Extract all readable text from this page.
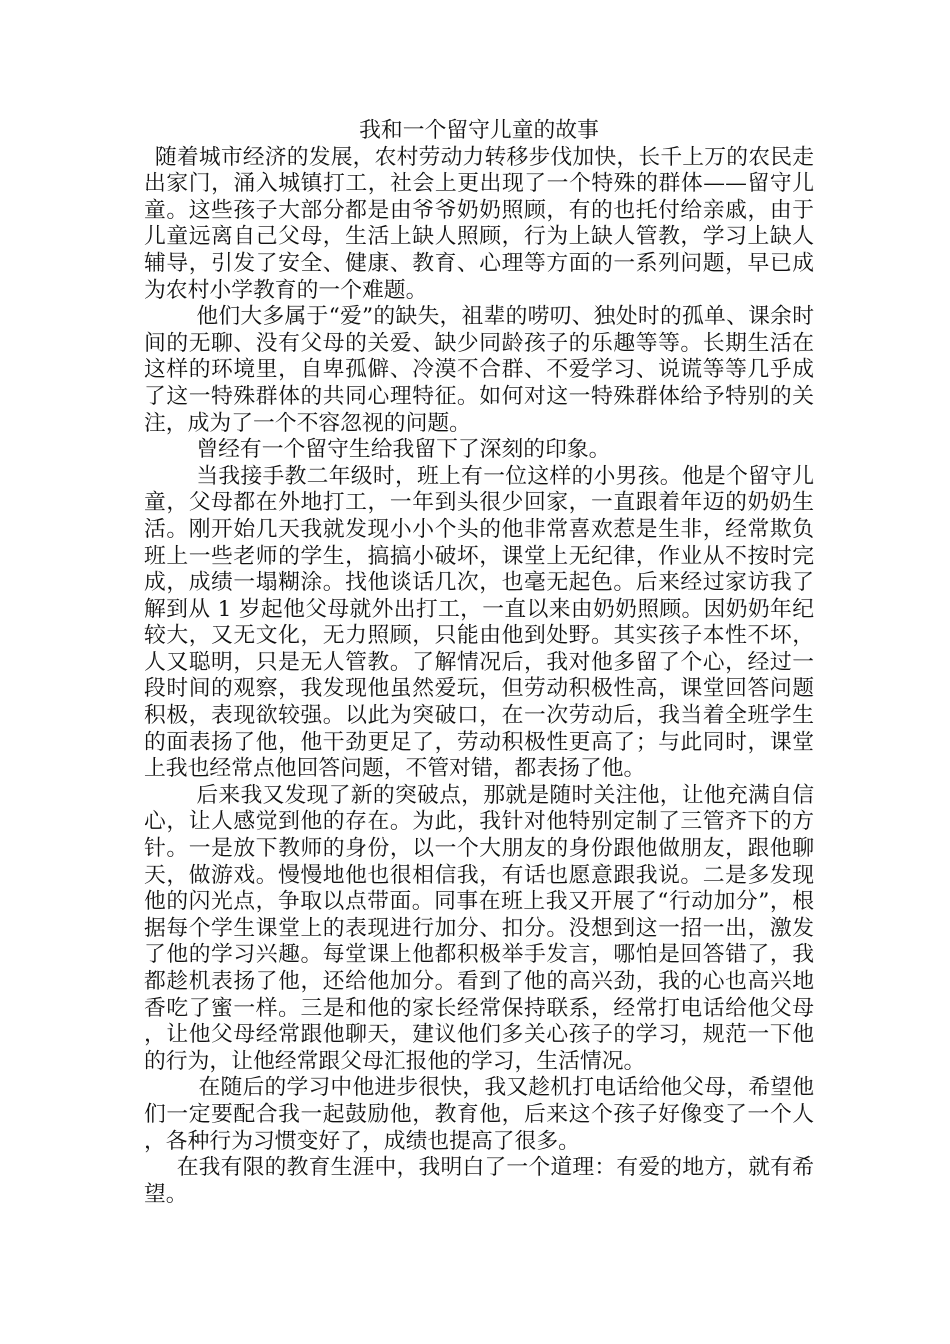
我和一个留守儿童的故事

随着城市经济的发展，农村劳动力转移步伐加快，长千上万的农民走出家门，涌入城镇打工，社会上更出现了一个特殊的群体——留守儿童。这些孩子大部分都是由爷爷奶奶照顾，有的也托付给亲戚，由于儿童远离自己父母，生活上缺人照顾，行为上缺人管教，学习上缺人辅导，引发了安全、健康、教育、心理等方面的一系列问题，早已成为农村小学教育的一个难题。

他们大多属于“爱”的缺失，祖辈的唠叨、独处时的孤单、课余时间的无聊、没有父母的关爱、缺少同龄孩子的乐趣等等。长期生活在这样的环境里，自卑孤僻、冷漠不合群、不爱学习、说谎等等几乎成了这一特殊群体的共同心理特征。如何对这一特殊群体给予特别的关注，成为了一个不容忽视的问题。

曾经有一个留守生给我留下了深刻的印象。

当我接手教二年级时，班上有一位这样的小男孩。他是个留守儿童，父母都在外地打工，一年到头很少回家，一直跟着年迈的奶奶生活。刚开始几天我就发现小小个头的他非常喜欢惹是生非，经常欺负班上一些老师的学生，搞搞小破坏，课堂上无纪律，作业从不按时完成，成绩一塌糊涂。找他谈话几次，也毫无起色。后来经过家访我了解到从 1 岁起他父母就外出打工，一直以来由奶奶照顾。因奶奶年纪较大，又无文化，无力照顾，只能由他到处野。其实孩子本性不坏，人又聪明，只是无人管教。了解情况后，我对他多留了个心，经过一段时间的观察，我发现他虽然爱玩，但劳动积极性高，课堂回答问题积极，表现欲较强。以此为突破口，在一次劳动后，我当着全班学生的面表扬了他，他干劲更足了，劳动积极性更高了；与此同时，课堂上我也经常点他回答问题，不管对错，都表扬了他。

后来我又发现了新的突破点，那就是随时关注他，让他充满自信心，让人感觉到他的存在。为此，我针对他特别定制了三管齐下的方针。一是放下教师的身份，以一个大朋友的身份跟他做朋友，跟他聊天，做游戏。慢慢地他也很相信我，有话也愿意跟我说。二是多发现他的闪光点，争取以点带面。同事在班上我又开展了“行动加分”，根据每个学生课堂上的表现进行加分、扣分。没想到这一招一出，激发了他的学习兴趣。每堂课上他都积极举手发言，哪怕是回答错了，我都趁机表扬了他，还给他加分。看到了他的高兴劲，我的心也高兴地香吃了蜜一样。三是和他的家长经常保持联系，经常打电话给他父母，让他父母经常跟他聊天，建议他们多关心孩子的学习，规范一下他的行为，让他经常跟父母汇报他的学习，生活情况。

在随后的学习中他进步很快，我又趁机打电话给他父母，希望他们一定要配合我一起鼓励他，教育他，后来这个孩子好像变了一个人，各种行为习惯变好了，成绩也提高了很多。

在我有限的教育生涯中，我明白了一个道理：有爱的地方，就有希望。
